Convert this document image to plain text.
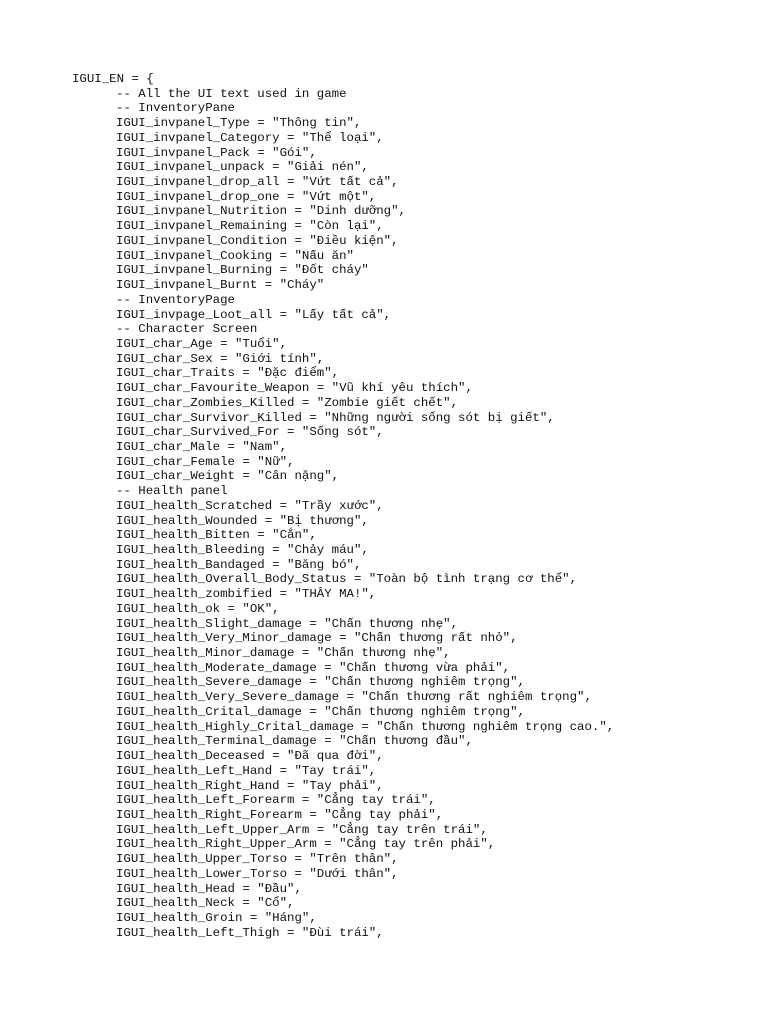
IGUI_EN = {
-- All the UI text used in game
-- InventoryPane
IGUI_invpanel_Type = "Thông tin",
IGUI_invpanel_Category = "Thể loại",
IGUI_invpanel_Pack = "Gói",
IGUI_invpanel_unpack = "Giải nén",
IGUI_invpanel_drop_all = "Vứt tất cả",
IGUI_invpanel_drop_one = "Vứt một",
IGUI_invpanel_Nutrition = "Dinh dưỡng",
IGUI_invpanel_Remaining = "Còn lại",
IGUI_invpanel_Condition = "Điều kiện",
IGUI_invpanel_Cooking = "Nấu ăn"
IGUI_invpanel_Burning = "Đốt cháy"
IGUI_invpanel_Burnt = "Cháy"
-- InventoryPage
IGUI_invpage_Loot_all = "Lấy tất cả",
-- Character Screen
IGUI_char_Age = "Tuổi",
IGUI_char_Sex = "Giới tính",
IGUI_char_Traits = "Đặc điểm",
IGUI_char_Favourite_Weapon = "Vũ khí yêu thích",
IGUI_char_Zombies_Killed = "Zombie giết chết",
IGUI_char_Survivor_Killed = "Những người sống sót bị giết",
IGUI_char_Survived_For = "Sống sót",
IGUI_char_Male = "Nam",
IGUI_char_Female = "Nữ",
IGUI_char_Weight = "Cân nặng",
-- Health panel
IGUI_health_Scratched = "Trầy xước",
IGUI_health_Wounded = "Bị thương",
IGUI_health_Bitten = "Cắn",
IGUI_health_Bleeding = "Chảy máu",
IGUI_health_Bandaged = "Băng bó",
IGUI_health_Overall_Body_Status = "Toàn bộ tình trạng cơ thể",
IGUI_health_zombified = "THÂY MA!",
IGUI_health_ok = "OK",
IGUI_health_Slight_damage = "Chấn thương nhẹ",
IGUI_health_Very_Minor_damage = "Chấn thương rất nhỏ",
IGUI_health_Minor_damage = "Chấn thương nhẹ",
IGUI_health_Moderate_damage = "Chấn thương vừa phải",
IGUI_health_Severe_damage = "Chấn thương nghiêm trọng",
IGUI_health_Very_Severe_damage = "Chấn thương rất nghiêm trọng",
IGUI_health_Crital_damage = "Chấn thương nghiêm trọng",
IGUI_health_Highly_Crital_damage = "Chấn thương nghiêm trọng cao.",
IGUI_health_Terminal_damage = "Chấn thương đầu",
IGUI_health_Deceased = "Đã qua đời",
IGUI_health_Left_Hand = "Tay trái",
IGUI_health_Right_Hand = "Tay phải",
IGUI_health_Left_Forearm = "Cẳng tay trái",
IGUI_health_Right_Forearm = "Cẳng tay phải",
IGUI_health_Left_Upper_Arm = "Cẳng tay trên trái",
IGUI_health_Right_Upper_Arm = "Cẳng tay trên phải",
IGUI_health_Upper_Torso = "Trên thân",
IGUI_health_Lower_Torso = "Dưới thân",
IGUI_health_Head = "Đầu",
IGUI_health_Neck = "Cổ",
IGUI_health_Groin = "Háng",
IGUI_health_Left_Thigh = "Đùi trái",
